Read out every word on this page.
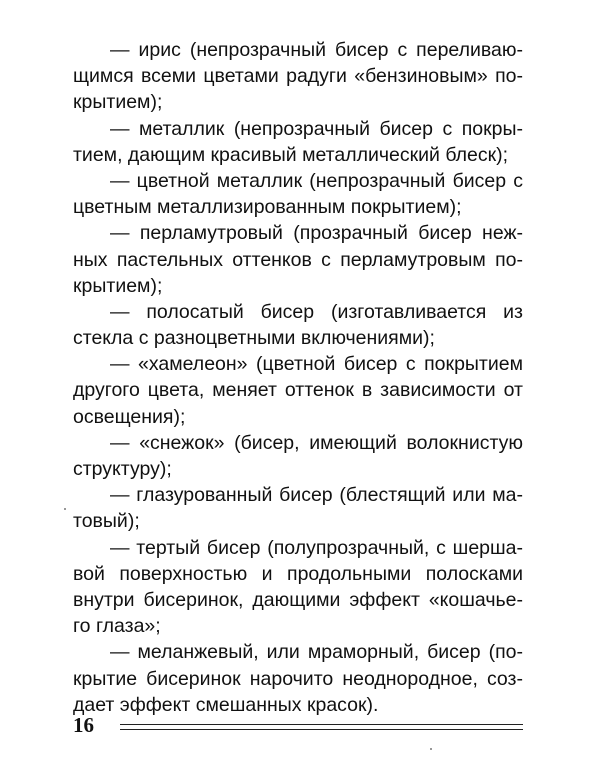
— ирис (непрозрачный бисер с переливаю-
щимся всеми цветами радуги «бензиновым» по-
крытием);
— металлик (непрозрачный бисер с покры-
тием, дающим красивый металлический блеск);
— цветной металлик (непрозрачный бисер с
цветным металлизированным покрытием);
— перламутровый (прозрачный бисер неж-
ных пастельных оттенков с перламутровым по-
крытием);
— полосатый бисер (изготавливается из
стекла с разноцветными включениями);
— «хамелеон» (цветной бисер с покрытием
другого цвета, меняет оттенок в зависимости от
освещения);
— «снежок» (бисер, имеющий волокнистую
структуру);
— глазурованный бисер (блестящий или ма-
товый);
— тертый бисер (полупрозрачный, с шерша-
вой поверхностью и продольными полосками
внутри бисеринок, дающими эффект «кошачье-
го глаза»;
— меланжевый, или мраморный, бисер (по-
крытие бисеринок нарочито неоднородное, соз-
дает эффект смешанных красок).
16
